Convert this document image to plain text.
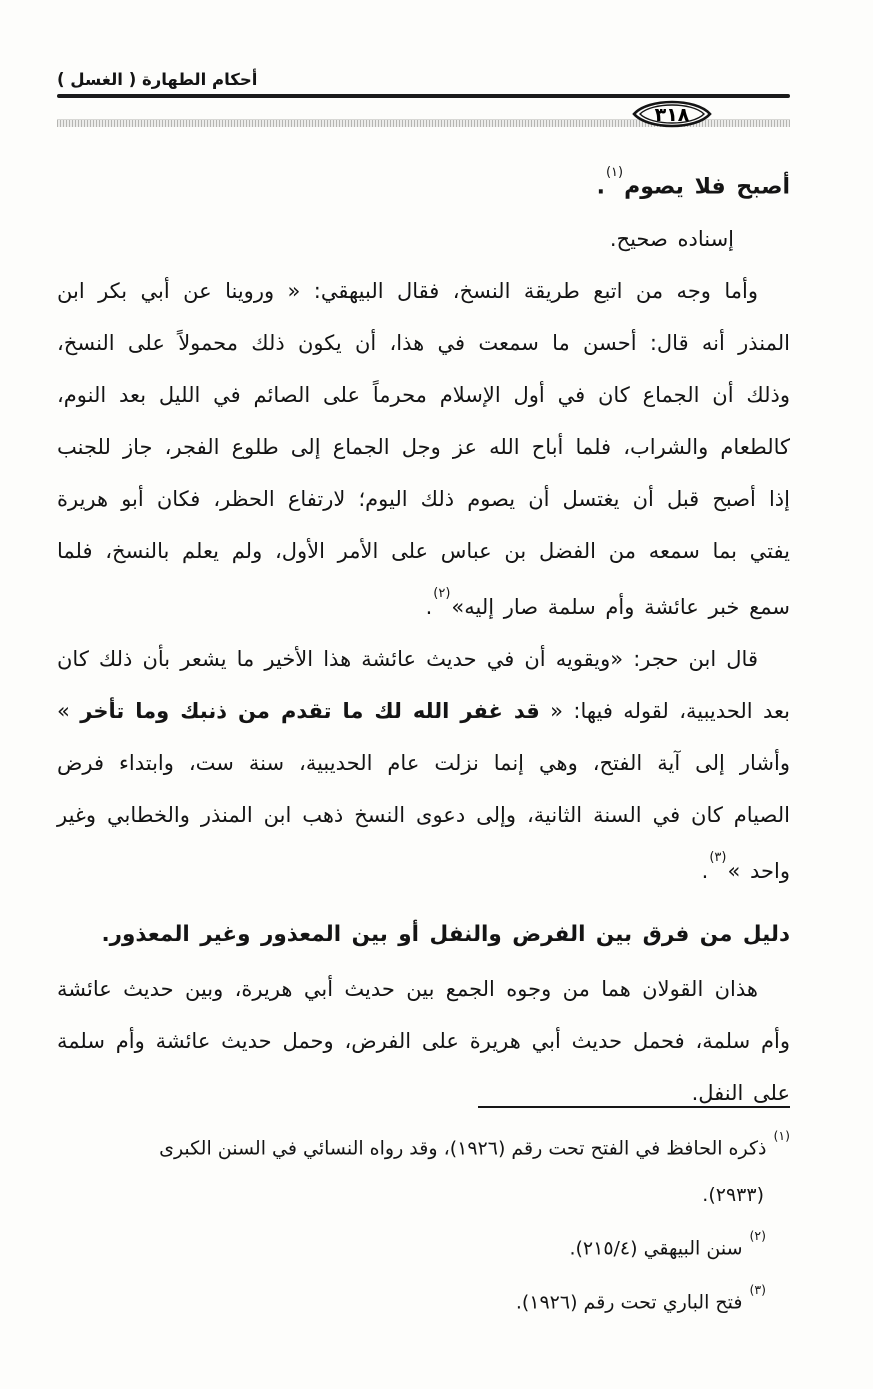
أحكام الطهارة ( الغسل )
٣١٨

أصبح فلا يصوم$^{(١)}$.

إسناده صحيح.

وأما وجه من اتبع طريقة النسخ، فقال البيهقي: « وروينا عن أبي بكر ابن المنذر أنه قال: أحسن ما سمعت في هذا، أن يكون ذلك محمولاً على النسخ، وذلك أن الجماع كان في أول الإسلام محرماً على الصائم في الليل بعد النوم، كالطعام والشراب، فلما أباح الله عز وجل الجماع إلى طلوع الفجر، جاز للجنب إذا أصبح قبل أن يغتسل أن يصوم ذلك اليوم؛ لارتفاع الحظر، فكان أبو هريرة يفتي بما سمعه من الفضل بن عباس على الأمر الأول، ولم يعلم بالنسخ، فلما سمع خبر عائشة وأم سلمة صار إليه»$^{(٢)}$.

قال ابن حجر: «ويقويه أن في حديث عائشة هذا الأخير ما يشعر بأن ذلك كان بعد الحديبية، لقوله فيها: « قد غفر الله لك ما تقدم من ذنبك وما تأخر » وأشار إلى آية الفتح، وهي إنما نزلت عام الحديبية، سنة ست، وابتداء فرض الصيام كان في السنة الثانية، وإلى دعوى النسخ ذهب ابن المنذر والخطابي وغير واحد »$^{(٣)}$.

دليل من فرق بين الفرض والنفل أو بين المعذور وغير المعذور.

هذان القولان هما من وجوه الجمع بين حديث أبي هريرة، وبين حديث عائشة وأم سلمة، فحمل حديث أبي هريرة على الفرض، وحمل حديث عائشة وأم سلمة على النفل.

$^{(١)}$ذكره الحافظ في الفتح تحت رقم (١٩٢٦)، وقد رواه النسائي في السنن الكبرى
(٢٩٣٣).
$^{(٢)}$سنن البيهقي (٢١٥/٤).
$^{(٣)}$فتح الباري تحت رقم (١٩٢٦).
